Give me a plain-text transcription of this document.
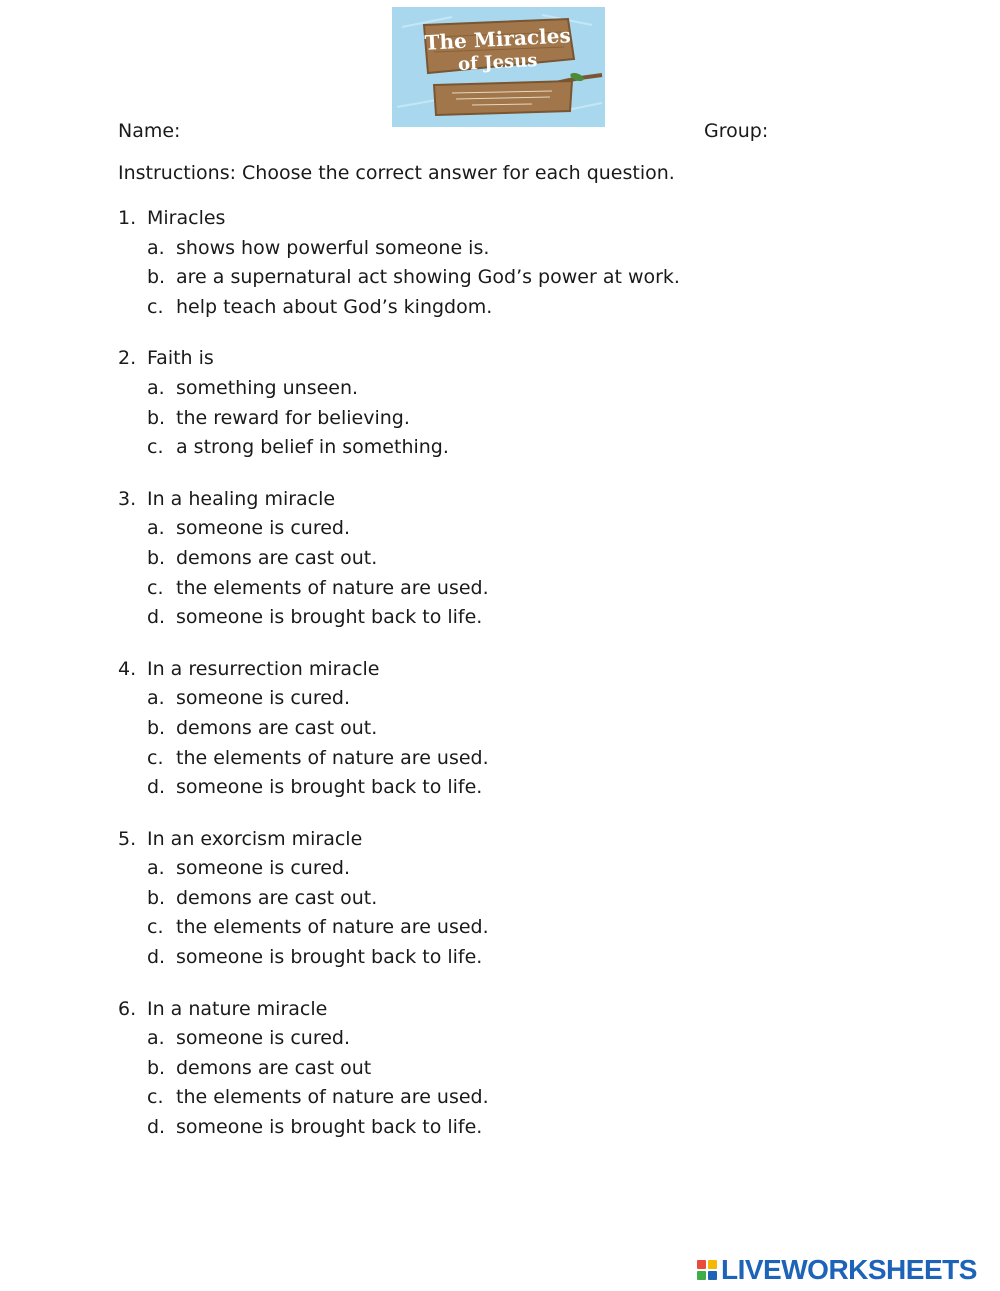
The Miracles
of Jesus
Name:	Group:
Instructions: Choose the correct answer for each question.
1. Miracles
a. shows how powerful someone is.
b. are a supernatural act showing God’s power at work.
c. help teach about God’s kingdom.
2. Faith is
a. something unseen.
b. the reward for believing.
c. a strong belief in something.
3. In a healing miracle
a. someone is cured.
b. demons are cast out.
c. the elements of nature are used.
d. someone is brought back to life.
4. In a resurrection miracle
a. someone is cured.
b. demons are cast out.
c. the elements of nature are used.
d. someone is brought back to life.
5. In an exorcism miracle
a. someone is cured.
b. demons are cast out.
c. the elements of nature are used.
d. someone is brought back to life.
6. In a nature miracle
a. someone is cured.
b. demons are cast out
c. the elements of nature are used.
d. someone is brought back to life.
LIVEWORKSHEETS
